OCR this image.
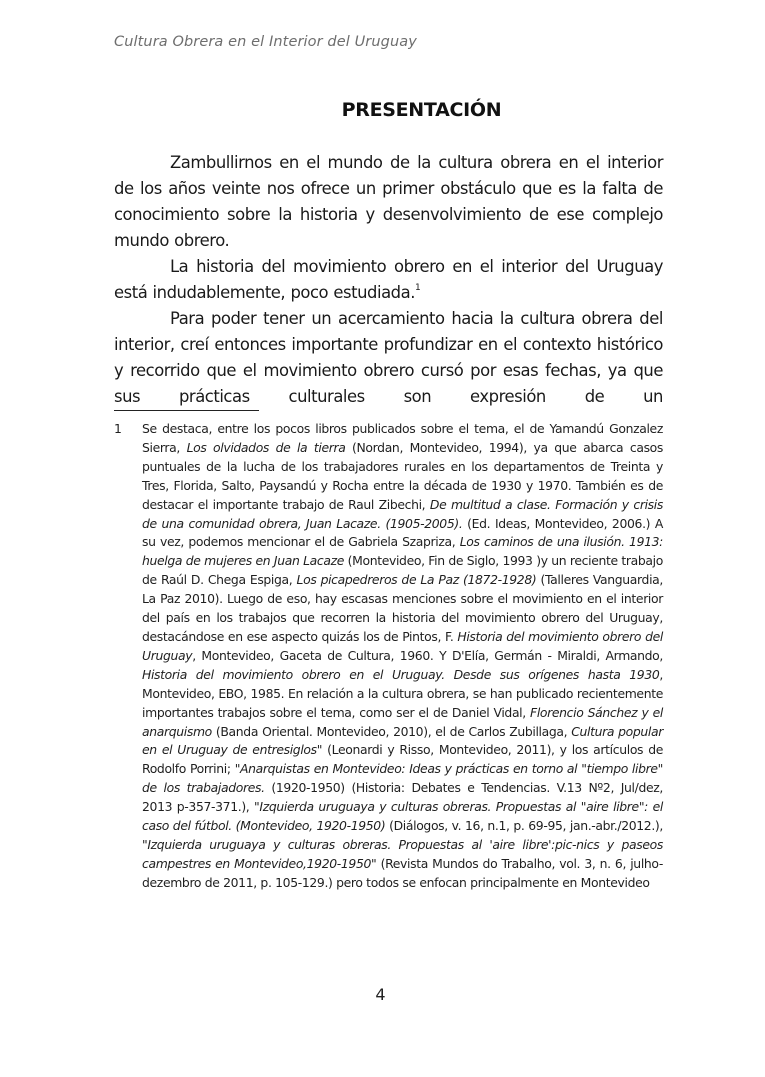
Cultura Obrera en el Interior del Uruguay
PRESENTACIÓN

Zambullirnos en el mundo de la cultura obrera en el interior de los años veinte nos ofrece un primer obstáculo que es la falta de conocimiento sobre la historia y desenvolvimiento de ese complejo mundo obrero.

La historia del movimiento obrero en el interior del Uruguay está indudablemente, poco estudiada.$^1$

Para poder tener un acercamiento hacia la cultura obrera del interior, creí entonces importante profundizar en el contexto histórico y recorrido que el movimiento obrero cursó por esas fechas, ya que sus prácticas culturales son expresión de un

1 Se destaca, entre los pocos libros publicados sobre el tema, el de Yamandú Gonzalez Sierra, Los olvidados de la tierra (Nordan, Montevideo, 1994), ya que abarca casos puntuales de la lucha de los trabajadores rurales en los departamentos de Treinta y Tres, Florida, Salto, Paysandú y Rocha entre la década de 1930 y 1970. También es de destacar el importante trabajo de Raul Zibechi, De multitud a clase. Formación y crisis de una comunidad obrera, Juan Lacaze. (1905-2005). (Ed. Ideas, Montevideo, 2006.) A su vez, podemos mencionar el de Gabriela Szapriza, Los caminos de una ilusión. 1913: huelga de mujeres en Juan Lacaze (Montevideo, Fin de Siglo, 1993 )y un reciente trabajo de Raúl D. Chega Espiga, Los picapedreros de La Paz (1872-1928) (Talleres Vanguardia, La Paz 2010). Luego de eso, hay escasas menciones sobre el movimiento en el interior del país en los trabajos que recorren la historia del movimiento obrero del Uruguay, destacándose en ese aspecto quizás los de Pintos, F. Historia del movimiento obrero del Uruguay, Montevideo, Gaceta de Cultura, 1960. Y D'Elía, Germán - Miraldi, Armando, Historia del movimiento obrero en el Uruguay. Desde sus orígenes hasta 1930, Montevideo, EBO, 1985. En relación a la cultura obrera, se han publicado recientemente importantes trabajos sobre el tema, como ser el de Daniel Vidal, Florencio Sánchez y el anarquismo (Banda Oriental. Montevideo, 2010), el de Carlos Zubillaga, Cultura popular en el Uruguay de entresiglos" (Leonardi y Risso, Montevideo, 2011), y los artículos de Rodolfo Porrini; "Anarquistas en Montevideo: Ideas y prácticas en torno al "tiempo libre" de los trabajadores. (1920-1950) (Historia: Debates e Tendencias. V.13 Nº2, Jul/dez, 2013 p-357-371.), "Izquierda uruguaya y culturas obreras. Propuestas al "aire libre": el caso del fútbol. (Montevideo, 1920-1950) (Diálogos, v. 16, n.1, p. 69-95, jan.-abr./2012.), "Izquierda uruguaya y culturas obreras. Propuestas al 'aire libre':pic-nics y paseos campestres en Montevideo,1920-1950" (Revista Mundos do Trabalho, vol. 3, n. 6, julho-dezembro de 2011, p. 105-129.) pero todos se enfocan principalmente en Montevideo
4
